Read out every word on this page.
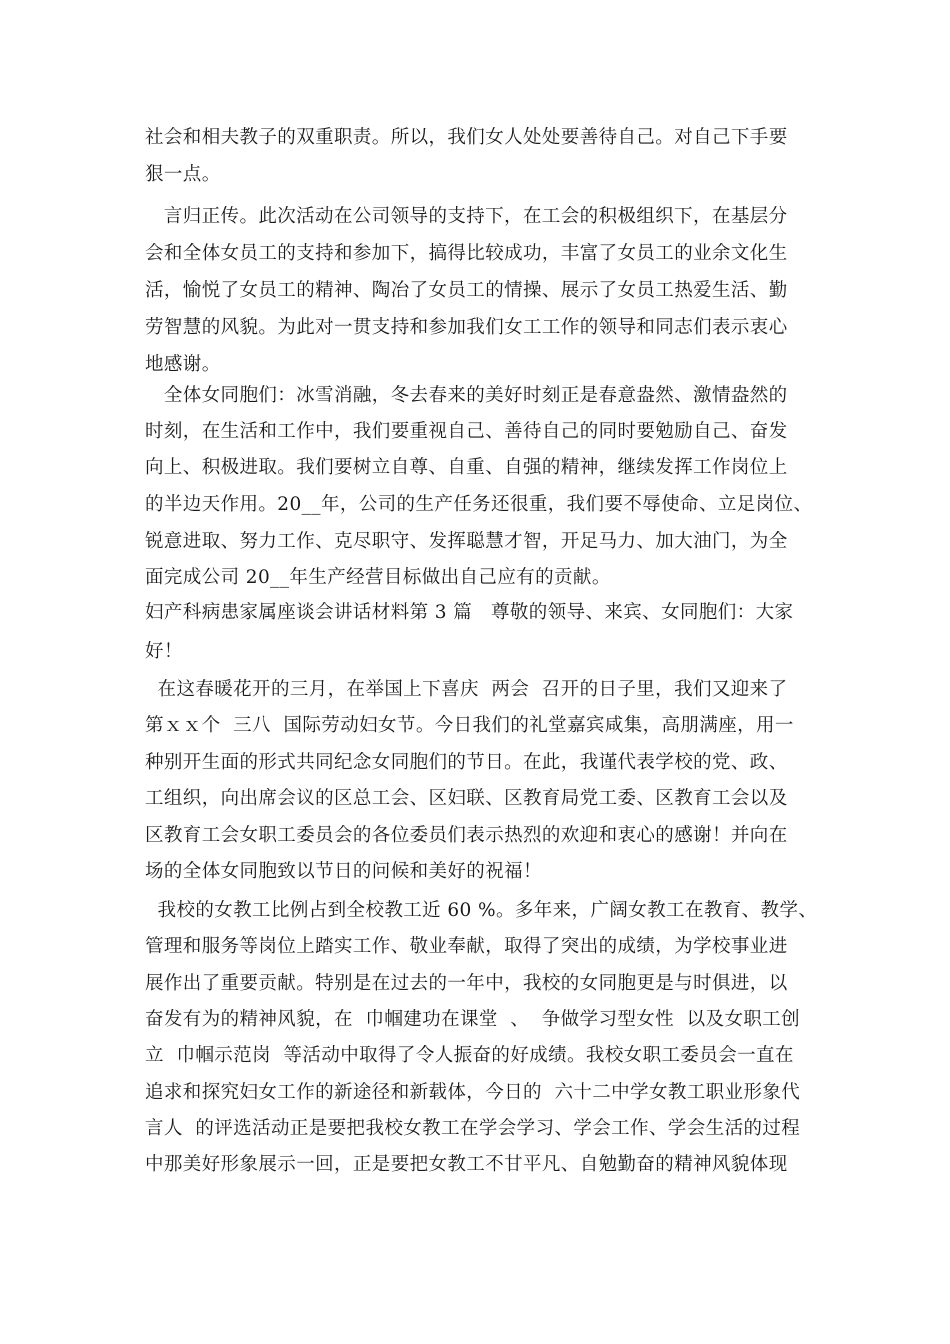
社会和相夫教子的双重职责。所以，我们女人处处要善待自己。对自己下手要
狠一点。
言归正传。此次活动在公司领导的支持下，在工会的积极组织下，在基层分
会和全体女员工的支持和参加下，搞得比较成功，丰富了女员工的业余文化生
活，愉悦了女员工的精神、陶冶了女员工的情操、展示了女员工热爱生活、勤
劳智慧的风貌。为此对一贯支持和参加我们女工工作的领导和同志们表示衷心
地感谢。
全体女同胞们：冰雪消融，冬去春来的美好时刻正是春意盎然、激情盎然的
时刻，在生活和工作中，我们要重视自己、善待自己的同时要勉励自己、奋发
向上、积极进取。我们要树立自尊、自重、自强的精神，继续发挥工作岗位上
的半边天作用。20__年，公司的生产任务还很重，我们要不辱使命、立足岗位、
锐意进取、努力工作、克尽职守、发挥聪慧才智，开足马力、加大油门，为全
面完成公司 20__年生产经营目标做出自己应有的贡献。
妇产科病患家属座谈会讲话材料第 3 篇   尊敬的领导、来宾、女同胞们：大家
好！
在这春暖花开的三月，在举国上下喜庆  两会  召开的日子里，我们又迎来了
第ｘｘ个  三八  国际劳动妇女节。今日我们的礼堂嘉宾咸集，高朋满座，用一
种别开生面的形式共同纪念女同胞们的节日。在此，我谨代表学校的党、政、
工组织，向出席会议的区总工会、区妇联、区教育局党工委、区教育工会以及
区教育工会女职工委员会的各位委员们表示热烈的欢迎和衷心的感谢！并向在
场的全体女同胞致以节日的问候和美好的祝福！
我校的女教工比例占到全校教工近 60 %。多年来，广阔女教工在教育、教学、
管理和服务等岗位上踏实工作、敬业奉献，取得了突出的成绩，为学校事业进
展作出了重要贡献。特别是在过去的一年中，我校的女同胞更是与时俱进，以
奋发有为的精神风貌，在  巾帼建功在课堂  、  争做学习型女性  以及女职工创
立  巾帼示范岗  等活动中取得了令人振奋的好成绩。我校女职工委员会一直在
追求和探究妇女工作的新途径和新载体，今日的  六十二中学女教工职业形象代
言人  的评选活动正是要把我校女教工在学会学习、学会工作、学会生活的过程
中那美好形象展示一回，正是要把女教工不甘平凡、自勉勤奋的精神风貌体现
